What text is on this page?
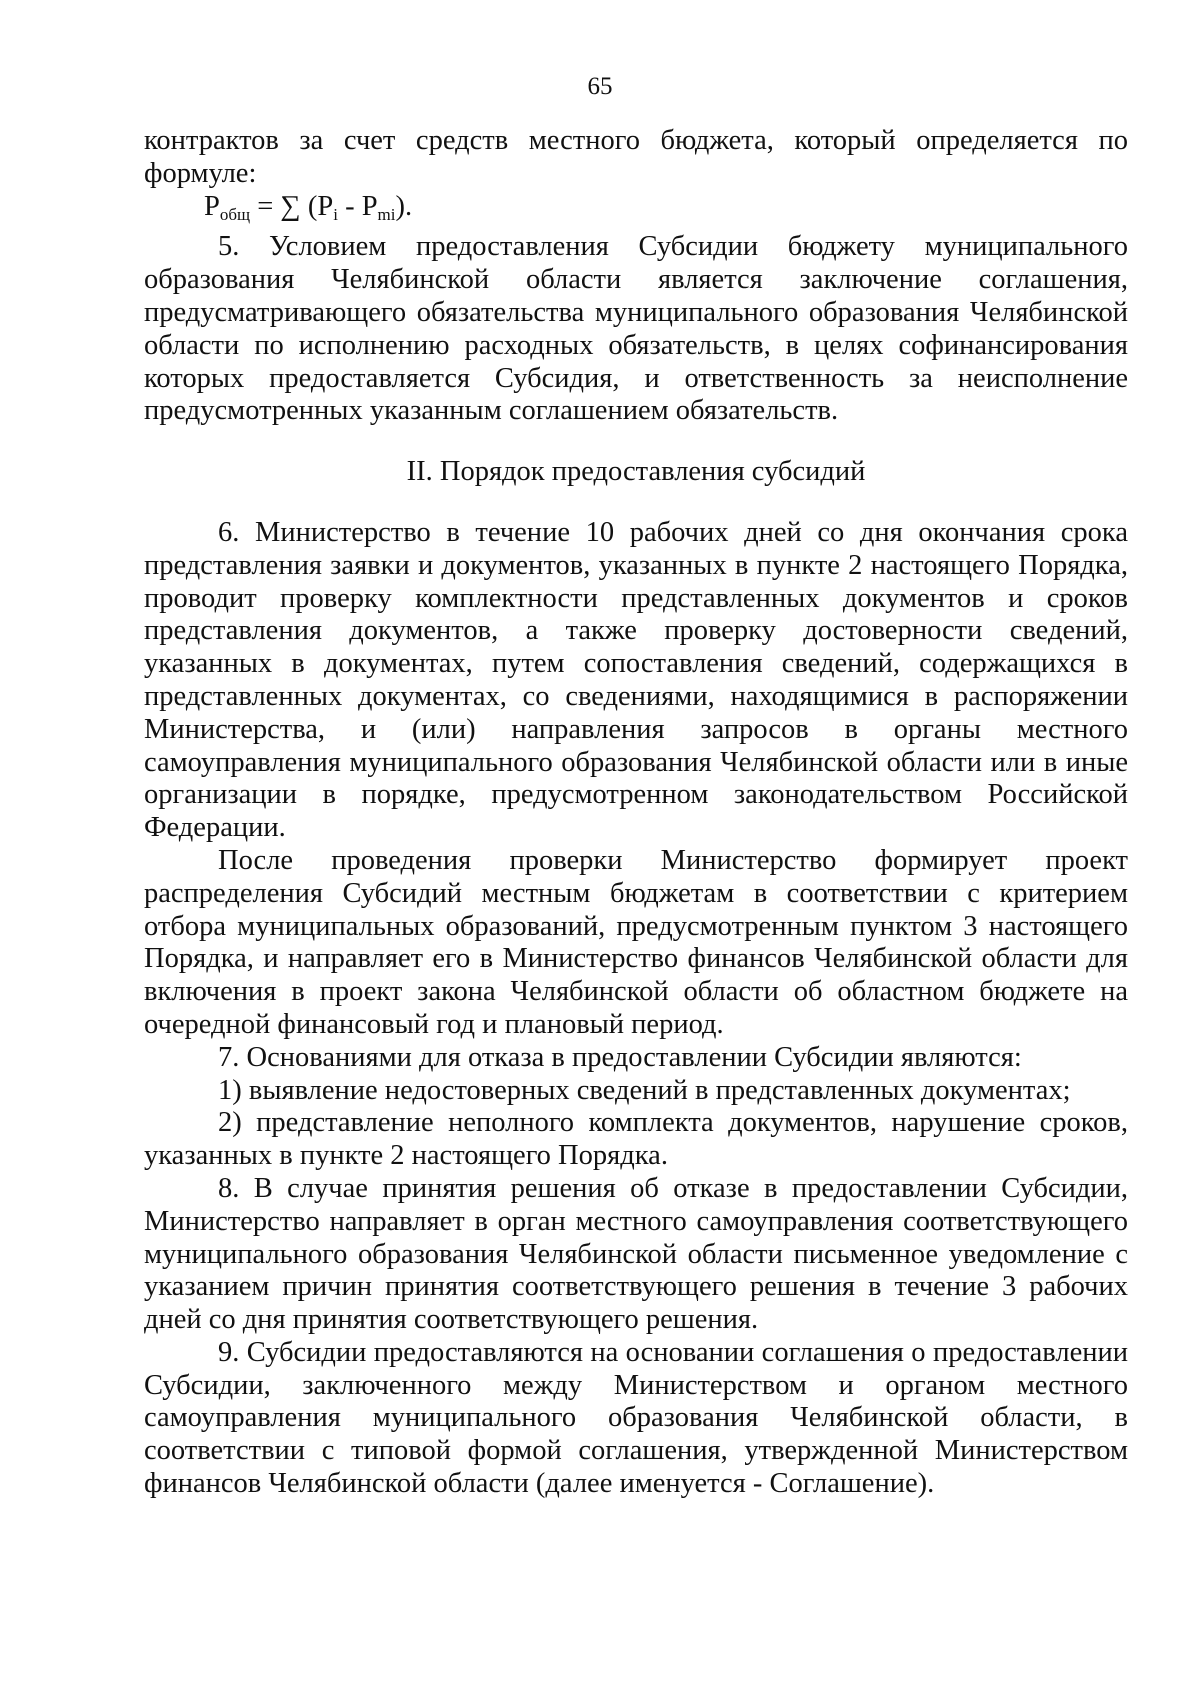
65

контрактов за счет средств местного бюджета, который определяется по формуле:

$P_{общ}$ = ∑ $(P_i - P_{mi})$.

5. Условием предоставления Субсидии бюджету муниципального образования Челябинской области является заключение соглашения, предусматривающего обязательства муниципального образования Челябинской области по исполнению расходных обязательств, в целях софинансирования которых предоставляется Субсидия, и ответственность за неисполнение предусмотренных указанным соглашением обязательств.

II. Порядок предоставления субсидий

6. Министерство в течение 10 рабочих дней со дня окончания срока представления заявки и документов, указанных в пункте 2 настоящего Порядка, проводит проверку комплектности представленных документов и сроков представления документов, а также проверку достоверности сведений, указанных в документах, путем сопоставления сведений, содержащихся в представленных документах, со сведениями, находящимися в распоряжении Министерства, и (или) направления запросов в органы местного самоуправления муниципального образования Челябинской области или в иные организации в порядке, предусмотренном законодательством Российской Федерации.

После проведения проверки Министерство формирует проект распределения Субсидий местным бюджетам в соответствии с критерием отбора муниципальных образований, предусмотренным пунктом 3 настоящего Порядка, и направляет его в Министерство финансов Челябинской области для включения в проект закона Челябинской области об областном бюджете на очередной финансовый год и плановый период.

7. Основаниями для отказа в предоставлении Субсидии являются:

1) выявление недостоверных сведений в представленных документах;

2) представление неполного комплекта документов, нарушение сроков, указанных в пункте 2 настоящего Порядка.

8. В случае принятия решения об отказе в предоставлении Субсидии, Министерство направляет в орган местного самоуправления соответствующего муниципального образования Челябинской области письменное уведомление с указанием причин принятия соответствующего решения в течение 3 рабочих дней со дня принятия соответствующего решения.

9. Субсидии предоставляются на основании соглашения о предоставлении Субсидии, заключенного между Министерством и органом местного самоуправления муниципального образования Челябинской области, в соответствии с типовой формой соглашения, утвержденной Министерством финансов Челябинской области (далее именуется - Соглашение).
